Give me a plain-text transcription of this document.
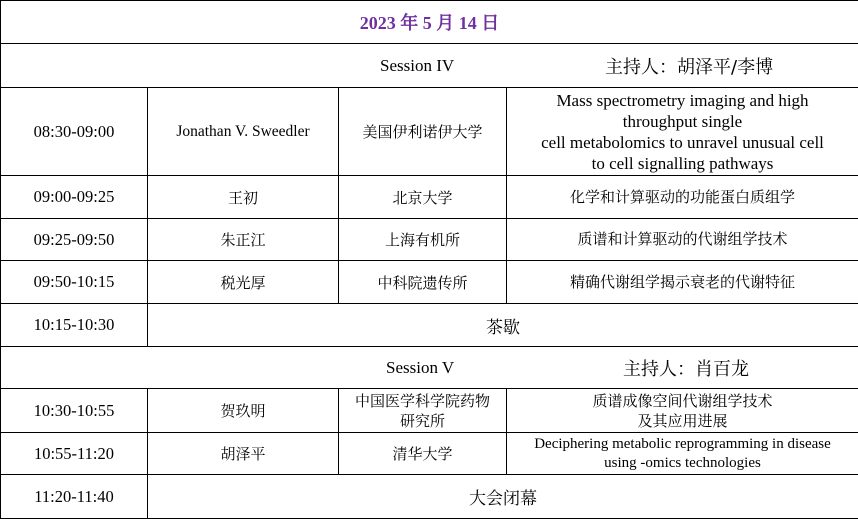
2023 年 5 月 14 日			

Session IV 主持人：胡泽平/李博			

08:30-09:00	Jonathan V. Sweedler	美国伊利诺伊大学	Mass spectrometry imaging and high
throughput single
cell metabolomics to unravel unusual cell
to cell signalling pathways

09:00-09:25	王初	北京大学	化学和计算驱动的功能蛋白质组学
09:25-09:50	朱正江	上海有机所	质谱和计算驱动的代谢组学技术
09:50-10:15	税光厚	中科院遗传所	精确代谢组学揭示衰老的代谢特征
10:15-10:30	茶歇		

Session V 主持人：肖百龙			

10:30-10:55	贺玖明	中国医学科学院药物
研究所	质谱成像空间代谢组学技术
及其应用进展

10:55-11:20	胡泽平	清华大学	Deciphering metabolic reprogramming in disease
using -omics technologies

11:20-11:40	大会闭幕		
